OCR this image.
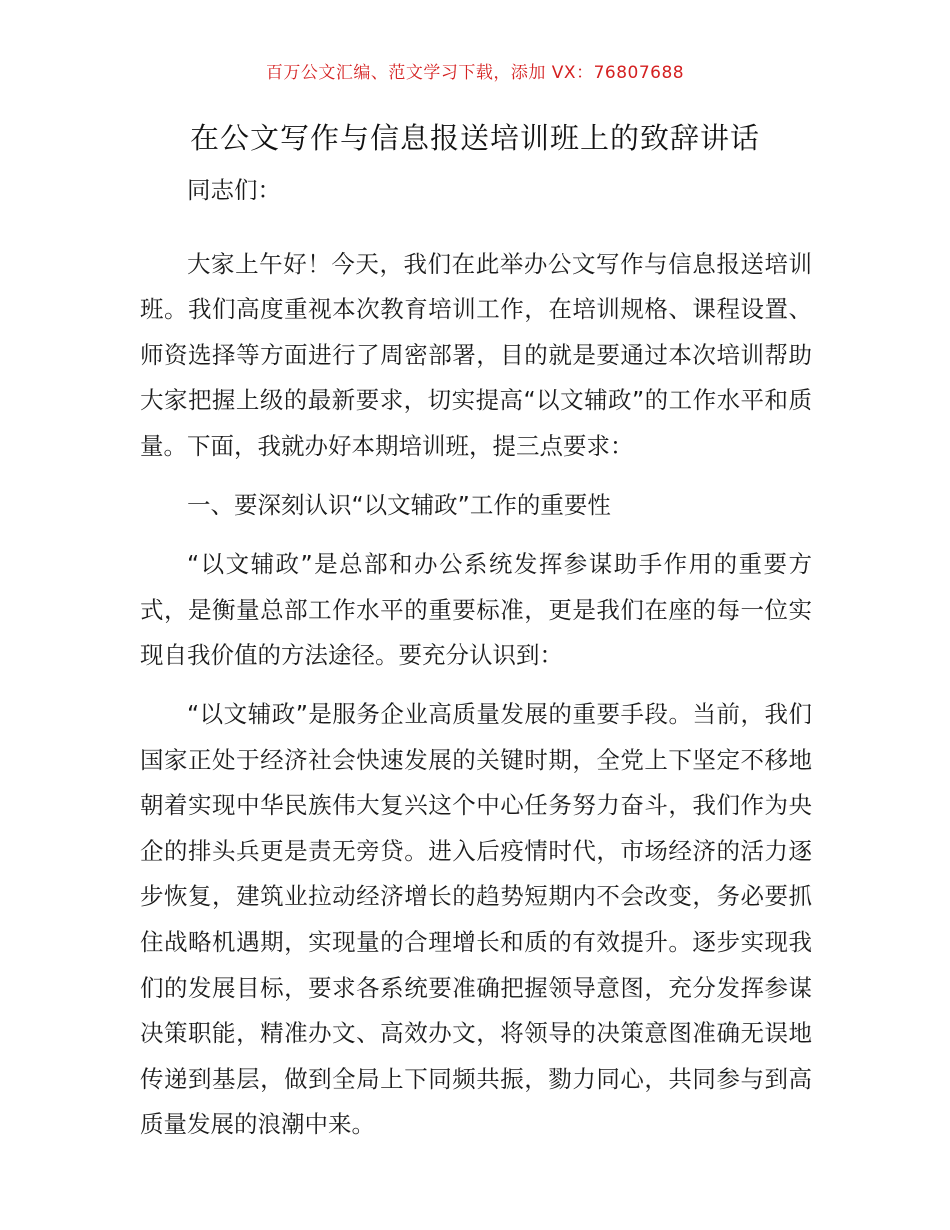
百万公文汇编、范文学习下载，添加 VX：76807688
在公文写作与信息报送培训班上的致辞讲话

同志们：

大家上午好！今天，我们在此举办公文写作与信息报送培训班。我们高度重视本次教育培训工作，在培训规格、课程设置、师资选择等方面进行了周密部署，目的就是要通过本次培训帮助大家把握上级的最新要求，切实提高“以文辅政”的工作水平和质量。下面，我就办好本期培训班，提三点要求：

一、要深刻认识“以文辅政”工作的重要性

“以文辅政”是总部和办公系统发挥参谋助手作用的重要方式，是衡量总部工作水平的重要标准，更是我们在座的每一位实现自我价值的方法途径。要充分认识到：

“以文辅政”是服务企业高质量发展的重要手段。当前，我们国家正处于经济社会快速发展的关键时期，全党上下坚定不移地朝着实现中华民族伟大复兴这个中心任务努力奋斗，我们作为央企的排头兵更是责无旁贷。进入后疫情时代，市场经济的活力逐步恢复，建筑业拉动经济增长的趋势短期内不会改变，务必要抓住战略机遇期，实现量的合理增长和质的有效提升。逐步实现我们的发展目标，要求各系统要准确把握领导意图，充分发挥参谋决策职能，精准办文、高效办文，将领导的决策意图准确无误地传递到基层，做到全局上下同频共振，勠力同心，共同参与到高质量发展的浪潮中来。
